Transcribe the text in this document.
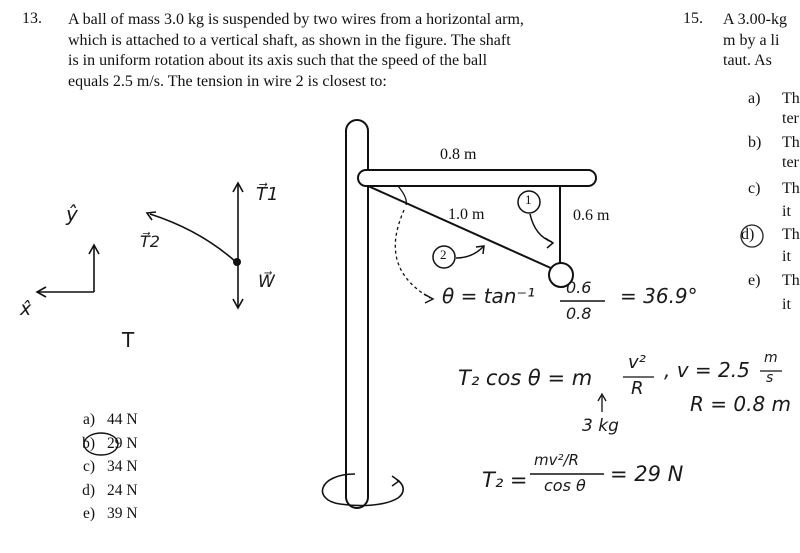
13. A ball of mass 3.0 kg is suspended by two wires from a horizontal arm,
which is attached to a vertical shaft, as shown in the figure. The shaft
is in uniform rotation about its axis such that the speed of the ball
equals 2.5 m/s. The tension in wire 2 is closest to:
15. A 3.00-kg
m by a li
taut. As
a) Th
ter
b) Th
ter
c) Th
it
d) Th
it
e) Th
it
0.8 m
1.0 m	0.6 m
1
2
a) 44 N
b) 29 N
c) 34 N
d) 24 N
e) 39 N
T⃗1
T⃗2
W⃗
ŷ
x̂
T
θ = tan⁻¹ 0.6
0.8
= 36.9°
T₂ cos θ = m
v²
R
, v = 2.5 m
s
R = 0.8 m
3 kg
T₂ =
mv²/R
cos θ = 29 N
